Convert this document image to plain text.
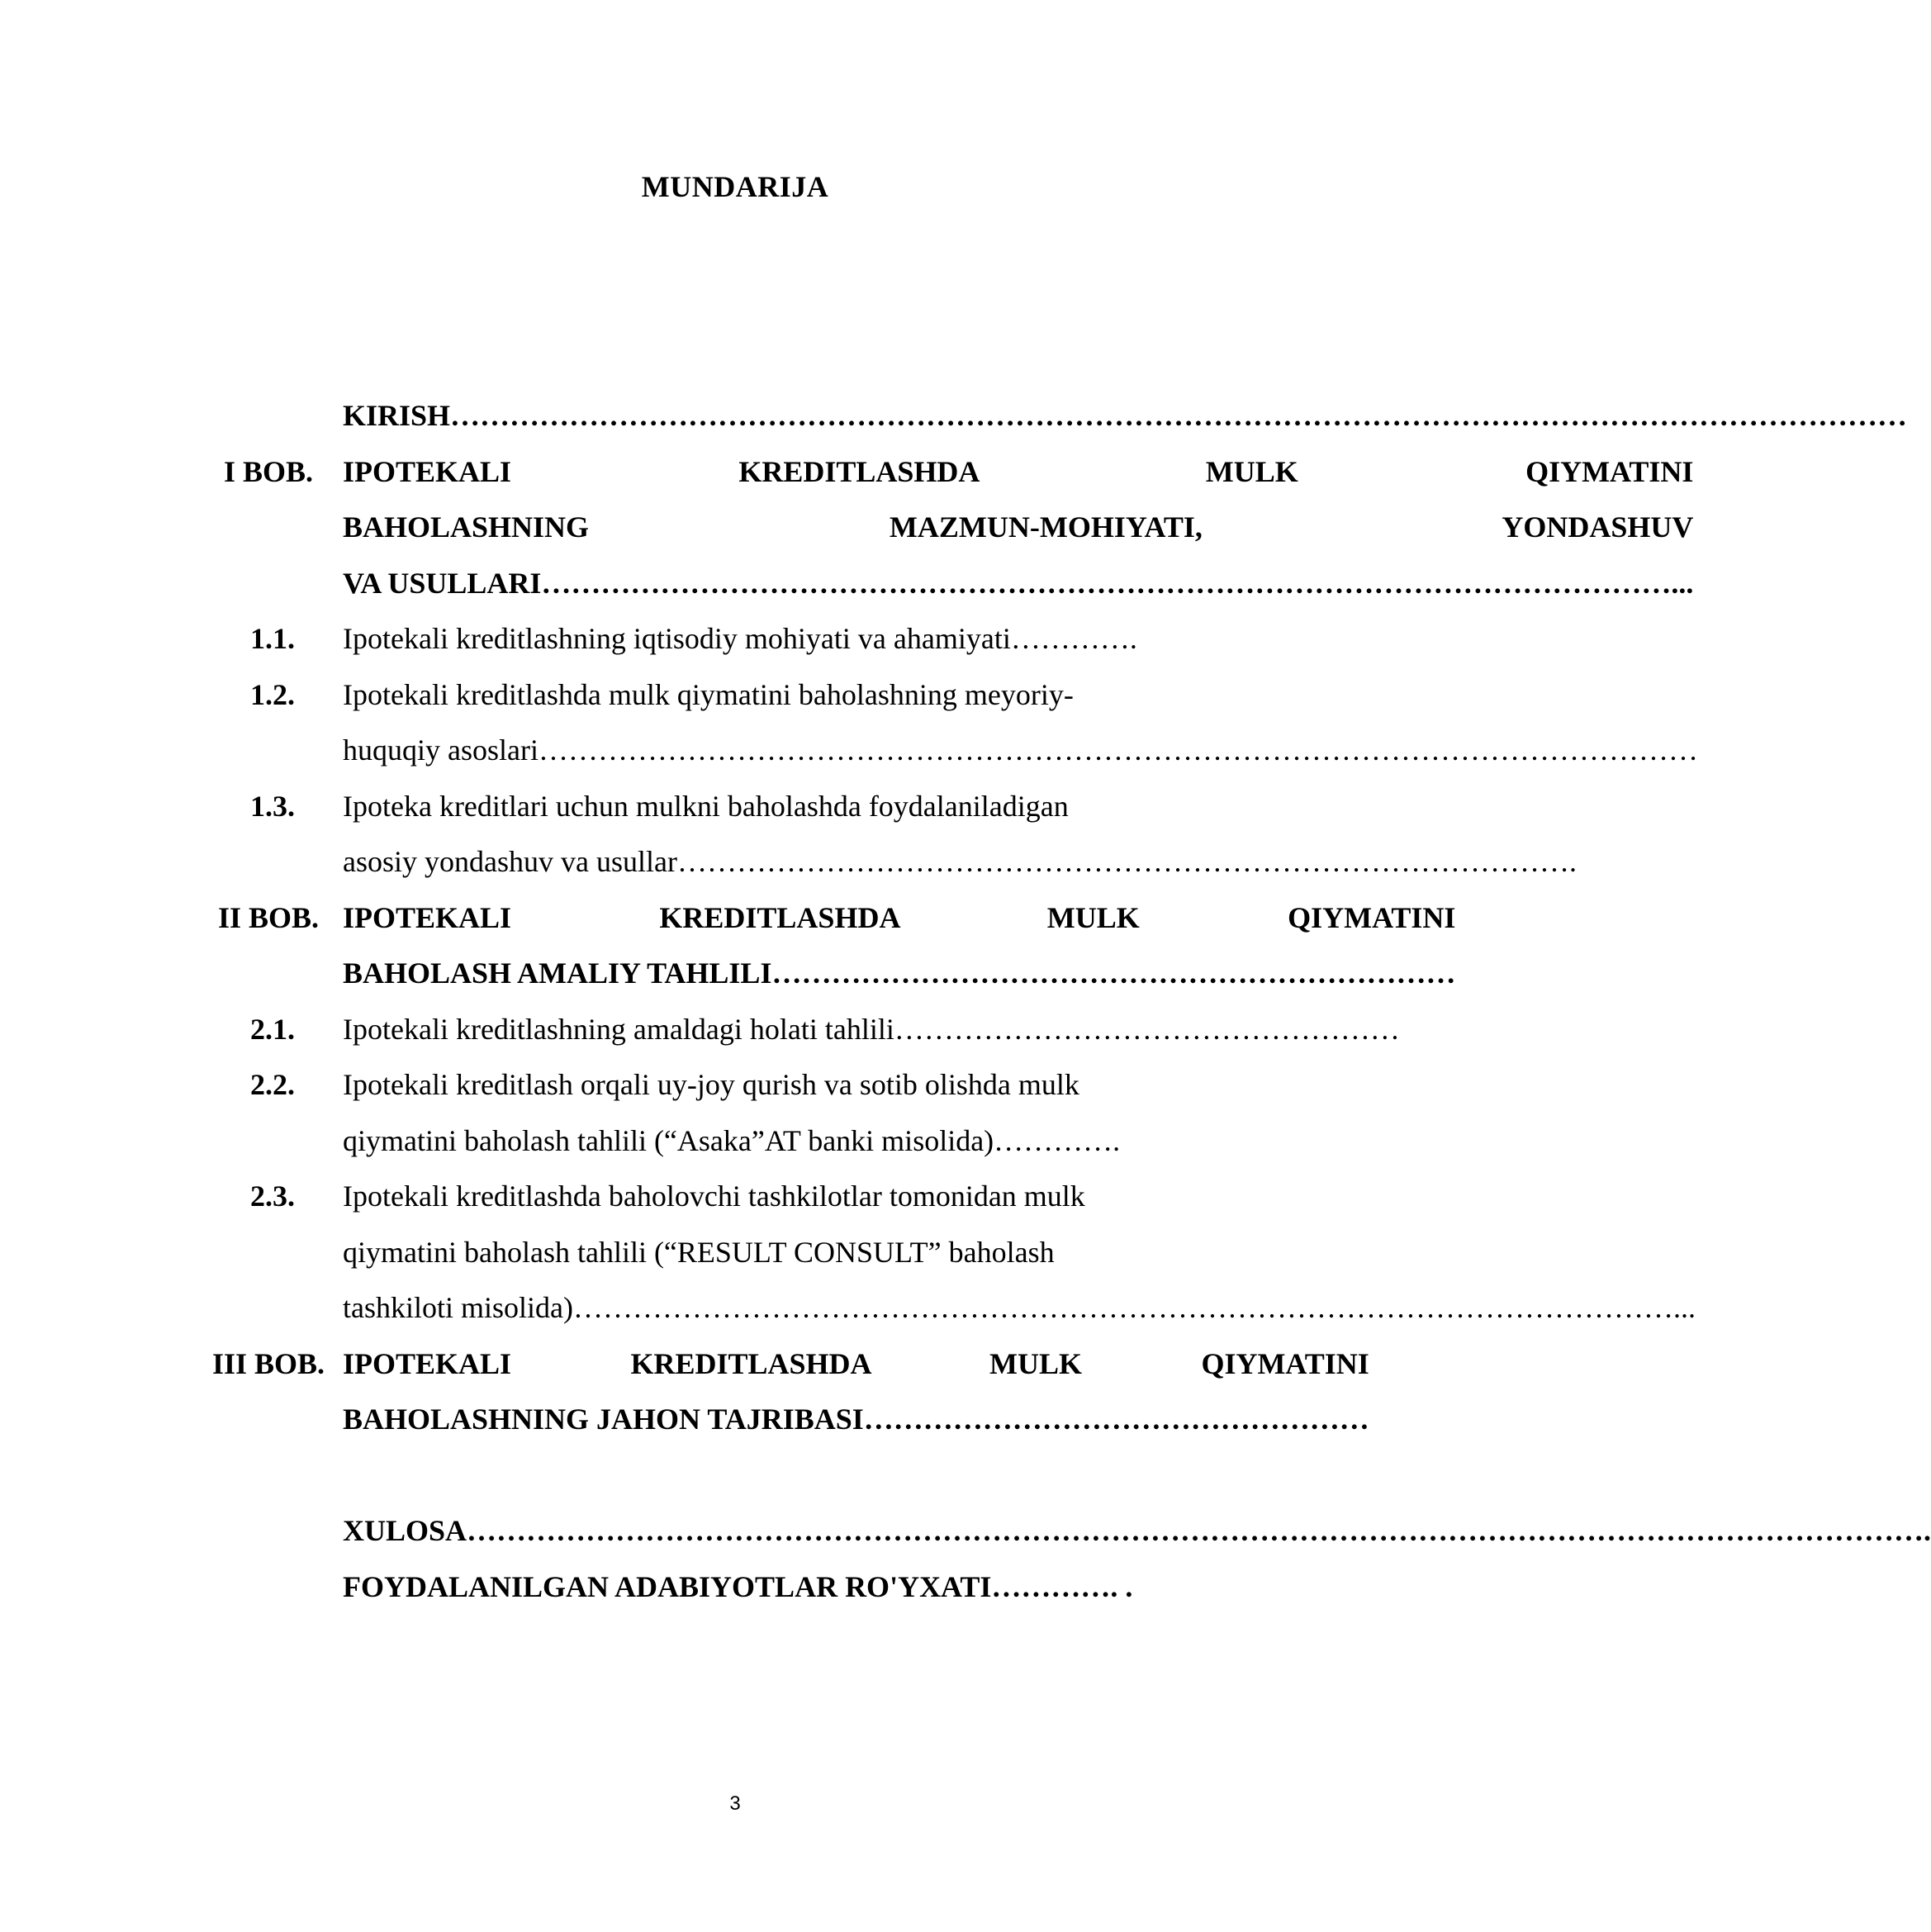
MUNDARIJA
KIRISH…………………………………………………………………………………………………………………………………
I BOB. IPOTEKALI KREDITLASHDA MULK QIYMATINI
BAHOLASHNING MAZMUN-MOHIYATI, YONDASHUV
VA USULLARI……………………………………………………………………………………………………...
1.1.	Ipotekali kreditlashning iqtisodiy mohiyati va ahamiyati………….
1.2.	Ipotekali kreditlashda mulk qiymatini baholashning meyoriy-
huquqiy asoslari………………………………………………………………………………………………………
1.3.	Ipoteka kreditlari uchun mulkni baholashda foydalaniladigan
asosiy yondashuv va usullar……………………………………………………………………………….
II BOB. IPOTEKALI KREDITLASHDA MULK QIYMATINI
BAHOLASH AMALIY TAHLILI……………………………………………………………
2.1.	Ipotekali kreditlashning amaldagi holati tahlili……………………………………………
2.2.	Ipotekali kreditlash orqali uy-joy qurish va sotib olishda mulk
qiymatini baholash tahlili (“Asaka”AT banki misolida)………….
2.3.	Ipotekali kreditlashda baholovchi tashkilotlar tomonidan mulk
qiymatini baholash tahlili (“RESULT CONSULT” baholash
tashkiloti misolida)…………………………………………………………………………………………………...
III BOB. IPOTEKALI KREDITLASHDA MULK QIYMATINI
BAHOLASHNING JAHON TAJRIBASI……………………………………………
XULOSA………………………………………………………………………………………………………………………………….
FOYDALANILGAN ADABIYOTLAR RO'YXATI…………. .
3
